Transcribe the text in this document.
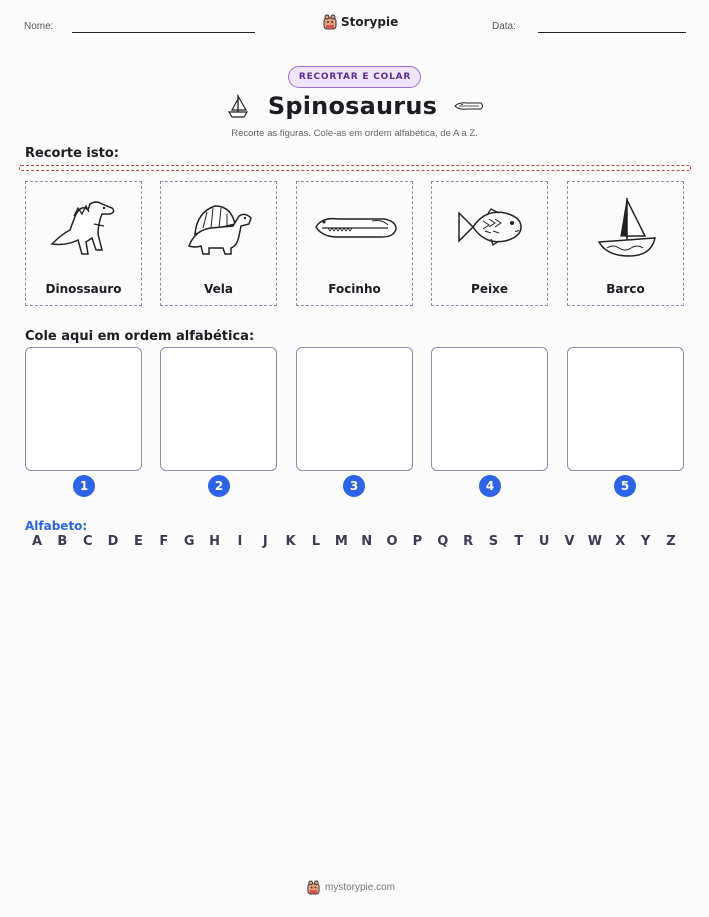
Nome:	Storypie	Data:
RECORTAR E COLAR
Spinosaurus
Recorte as figuras. Cole-as em ordem alfabética, de A a Z.
Recorte isto:
Dinossauro	Vela	Focinho	Peixe	Barco
Cole aqui em ordem alfabética:
1	2	3	4	5
Alfabeto:
A	B	C	D	E	F	G H	I	J	K	L	M N O	P	Q	R	S	T	U	V	W	X	Y	Z
mystorypie.com
